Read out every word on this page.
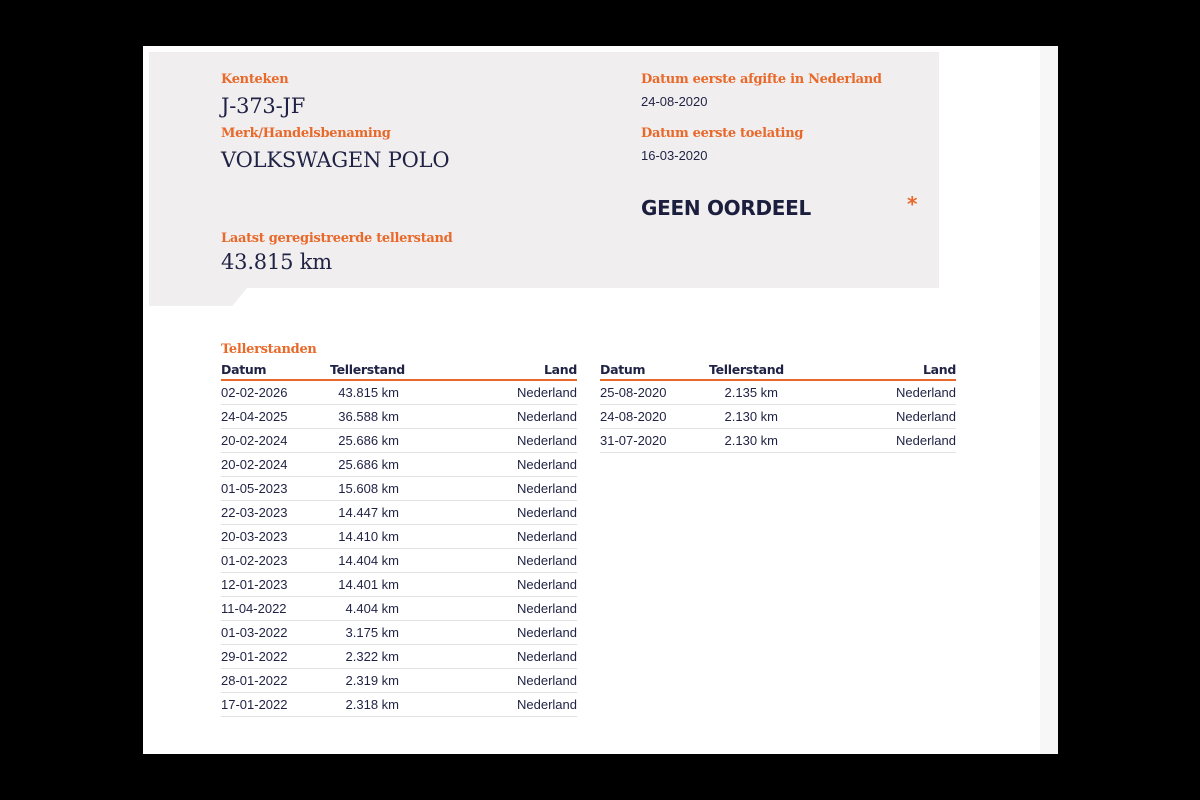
Kenteken
J-373-JF
Merk/Handelsbenaming
VOLKSWAGEN POLO
Laatst geregistreerde tellerstand
43.815 km
Datum eerste afgifte in Nederland
24-08-2020
Datum eerste toelating
16-03-2020
GEEN OORDEEL	*
Tellerstanden
Datum	Tellerstand	Land
02-02-2026	43.815 km	Nederland
24-04-2025	36.588 km	Nederland
20-02-2024	25.686 km	Nederland
20-02-2024	25.686 km	Nederland
01-05-2023	15.608 km	Nederland
22-03-2023	14.447 km	Nederland
20-03-2023	14.410 km	Nederland
01-02-2023	14.404 km	Nederland
12-01-2023	14.401 km	Nederland
11-04-2022	4.404 km	Nederland
01-03-2022	3.175 km	Nederland
29-01-2022	2.322 km	Nederland
28-01-2022	2.319 km	Nederland
17-01-2022	2.318 km	Nederland
Datum	Tellerstand	Land
25-08-2020	2.135 km	Nederland
24-08-2020	2.130 km	Nederland
31-07-2020	2.130 km	Nederland
